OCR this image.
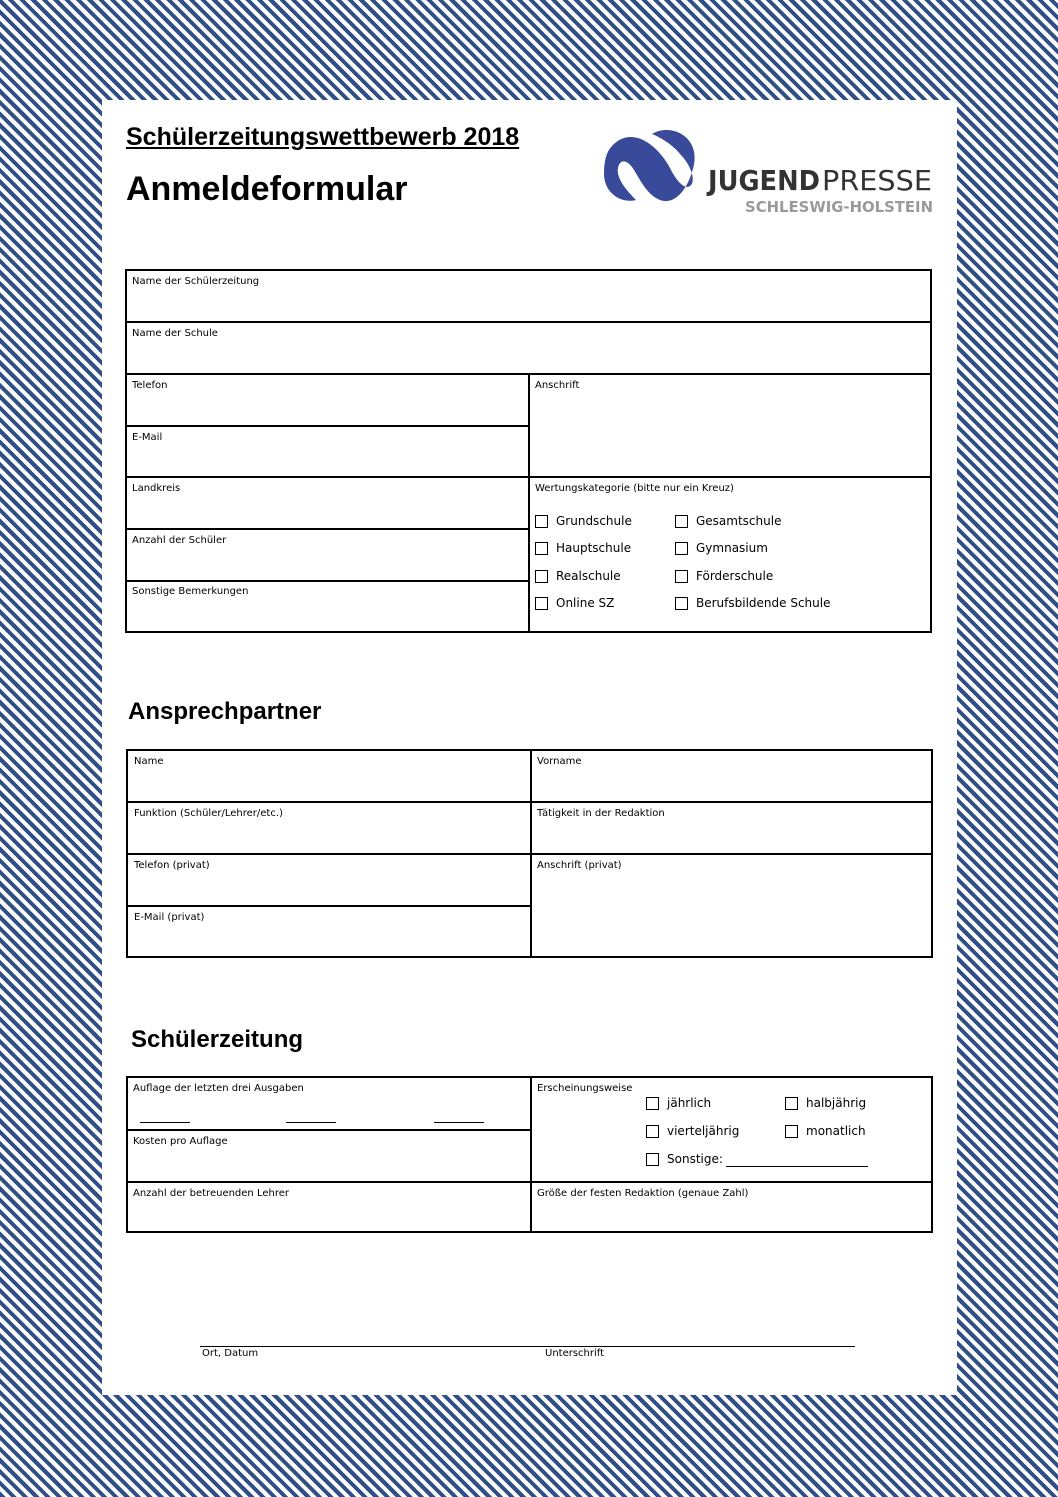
Schülerzeitungswettbewerb 2018
Anmeldeformular	JUGEND PRESSE
SCHLESWIG-HOLSTEIN
Name der Schülerzeitung
Name der Schule
Telefon	Anschrift
E-Mail
Landkreis	Wertungskategorie (bitte nur ein Kreuz)
Grundschule	Gesamtschule
Hauptschule	Gymnasium
Realschule	Förderschule
Online SZ	Berufsbildende Schule
Anzahl der Schüler
Sonstige Bemerkungen
Ansprechpartner
Name	Vorname
Funktion (Schüler/Lehrer/etc.)	Tätigkeit in der Redaktion
Telefon (privat)	Anschrift (privat)
E-Mail (privat)
Schülerzeitung
Auflage der letzten drei Ausgaben	Erscheinungsweise
jährlich	halbjährig
vierteljährig	monatlich
Sonstige:
Kosten pro Auflage
Anzahl der betreuenden Lehrer	Größe der festen Redaktion (genaue Zahl)
Ort, Datum	Unterschrift
